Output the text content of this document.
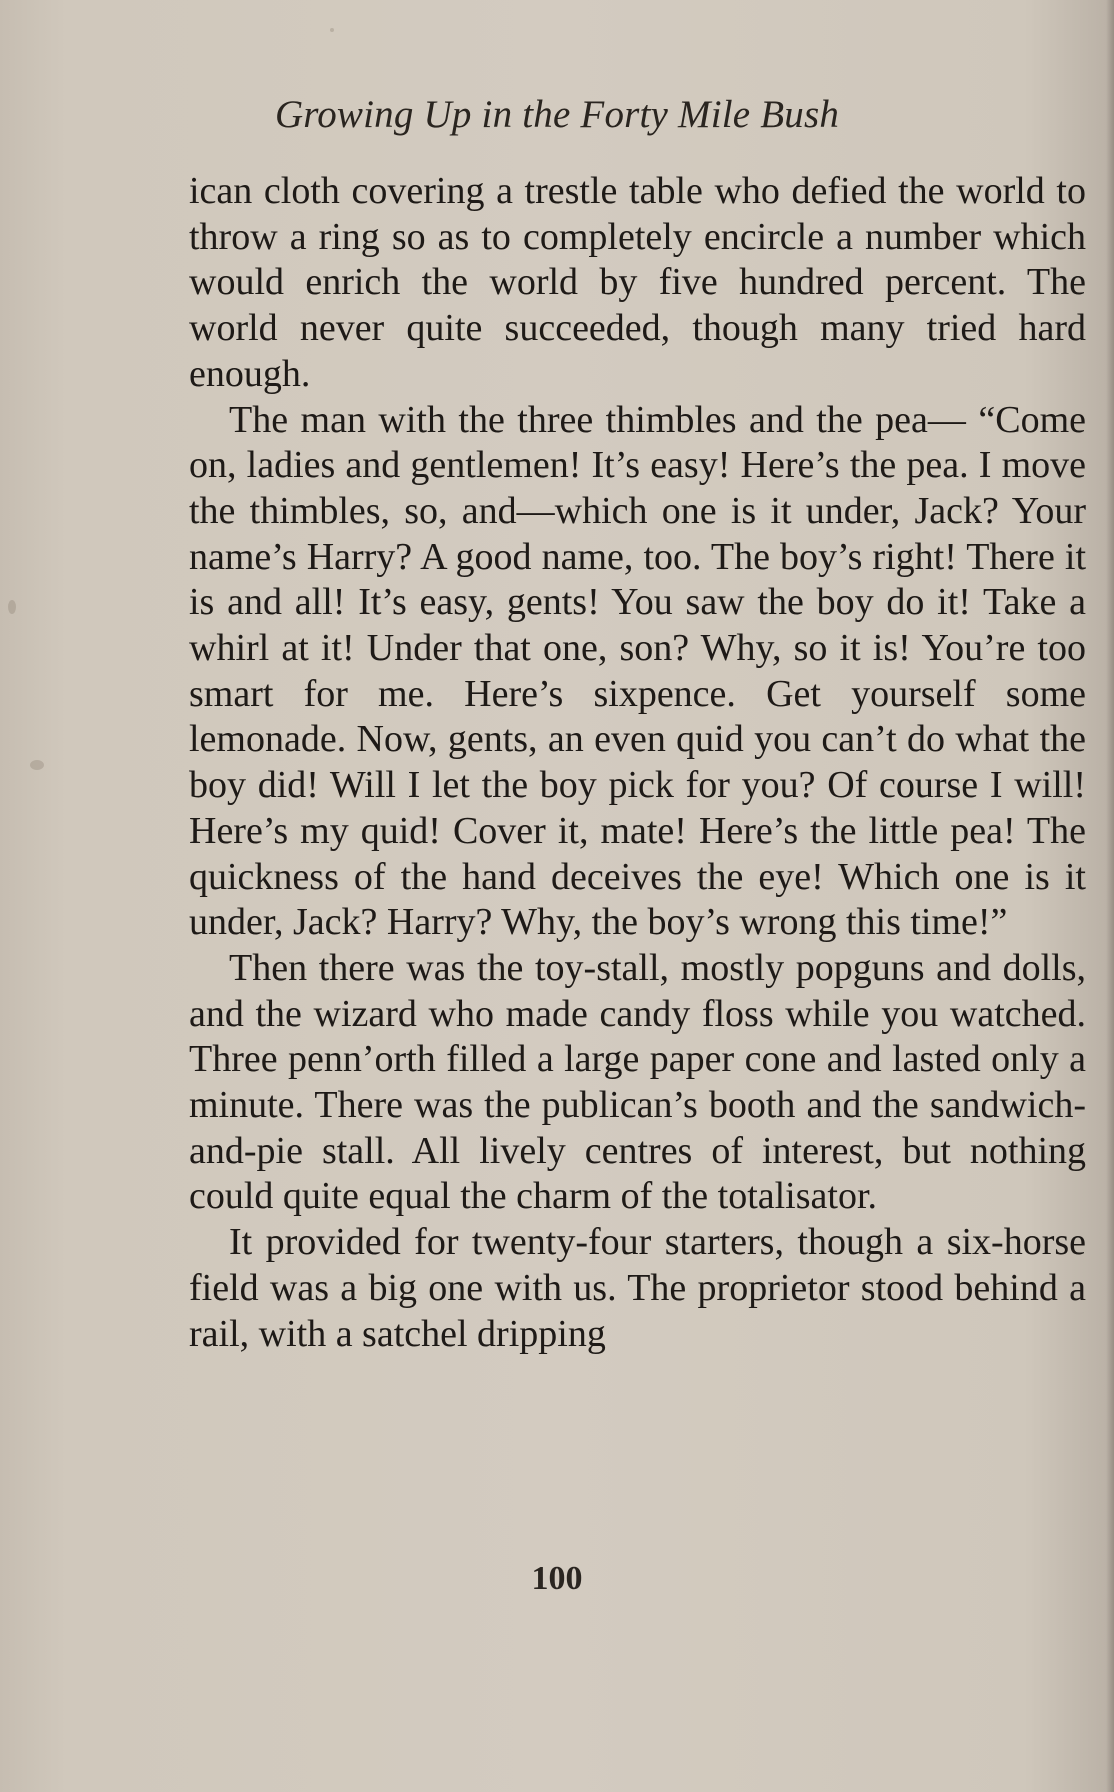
Growing Up in the Forty Mile Bush

ican cloth covering a trestle table who defied the world to throw a ring so as to completely encircle a number which would enrich the world by five hundred percent. The world never quite succeeded, though many tried hard enough.

The man with the three thimbles and the pea— “Come on, ladies and gentlemen! It’s easy! Here’s the pea. I move the thimbles, so, and—which one is it under, Jack? Your name’s Harry? A good name, too. The boy’s right! There it is and all! It’s easy, gents! You saw the boy do it! Take a whirl at it! Under that one, son? Why, so it is! You’re too smart for me. Here’s sixpence. Get yourself some lemonade. Now, gents, an even quid you can’t do what the boy did! Will I let the boy pick for you? Of course I will! Here’s my quid! Cover it, mate! Here’s the little pea! The quickness of the hand deceives the eye! Which one is it under, Jack? Harry? Why, the boy’s wrong this time!”

Then there was the toy-stall, mostly popguns and dolls, and the wizard who made candy floss while you watched. Three penn’orth filled a large paper cone and lasted only a minute. There was the publican’s booth and the sandwich-and-pie stall. All lively centres of interest, but nothing could quite equal the charm of the totalisator.

It provided for twenty-four starters, though a six-horse field was a big one with us. The proprietor stood behind a rail, with a satchel dripping

100
